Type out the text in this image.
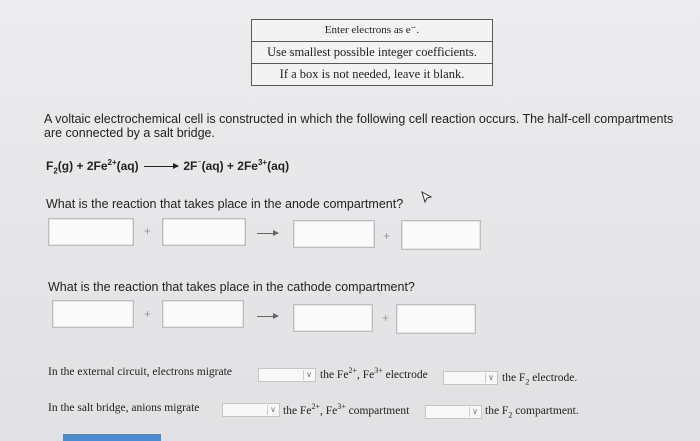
Enter electrons as e⁻.
Use smallest possible integer coefficients.
If a box is not needed, leave it blank.
A voltaic electrochemical cell is constructed in which the following cell reaction occurs. The half-cell compartments are connected by a salt bridge.
$F_2(g) + 2Fe^{2+}(aq) \to 2F^{^-}(aq) + 2Fe^{3+}(aq)$
What is the reaction that takes place in the anode compartment?
+	+
What is the reaction that takes place in the cathode compartment?
+	+
In the external circuit, electrons migrate	∨ the $Fe^{2+}$, $Fe^{3+}$ electrode	∨ the $F_2$ electrode.
In the salt bridge, anions migrate	∨ the $Fe^{2+}$, $Fe^{3+}$ compartment	∨ the $F_2$ compartment.
